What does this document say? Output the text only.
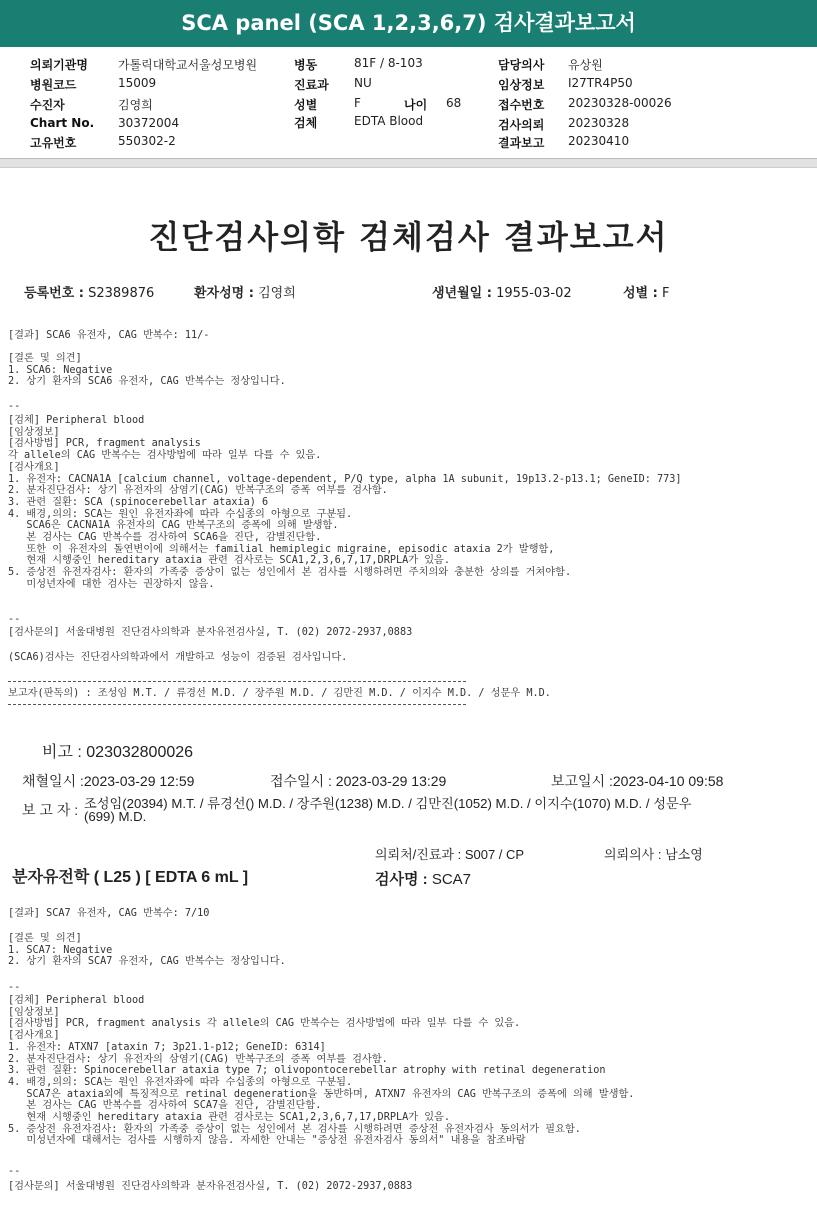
SCA panel (SCA 1,2,3,6,7) 검사결과보고서
의뢰기관명	가톨릭대학교서울성모병원
병원코드	15009
수진자	김영희
Chart No. 30372004
고유번호	550302-2
병동	81F / 8-103
진료과 NU
성별	F	나이 68
검체	EDTA Blood
담당의사 유상원
임상정보 I27TR4P50
접수번호 20230328-00026
검사의뢰 20230328
결과보고 20230410
진단검사의학 검체검사 결과보고서
등록번호 : S2389876	환자성명 : 김영희	생년월일 : 1955-03-02	성별 : F
[결과] SCA6 유전자, CAG 반복수: 11/-
[결론 및 의견]
1. SCA6: Negative
2. 상기 환자의 SCA6 유전자, CAG 반복수는 정상입니다.
--
[검체] Peripheral blood
[임상정보]
[검사방법] PCR, fragment analysis
각 allele의 CAG 반복수는 검사방법에 따라 일부 다를 수 있음.
[검사개요]
1. 유전자: CACNA1A [calcium channel, voltage-dependent, P/Q type, alpha 1A subunit, 19p13.2-p13.1; GeneID: 773]
2. 분자진단검사: 상기 유전자의 삼염기(CAG) 반복구조의 증폭 여부를 검사함.
3. 관련 질환: SCA (spinocerebellar ataxia) 6
4. 배경,의의: SCA는 원인 유전자좌에 따라 수십종의 아형으로 구분됨.
SCA6은 CACNA1A 유전자의 CAG 반복구조의 증폭에 의해 발생함.
본 검사는 CAG 반복수를 검사하여 SCA6을 진단, 감별진단함.
또한 이 유전자의 돌연변이에 의해서는 familial hemiplegic migraine, episodic ataxia 2가 발행함,
현재 시행중인 hereditary ataxia 관련 검사로는 SCA1,2,3,6,7,17,DRPLA가 있음.
5. 증상전 유전자검사: 환자의 가족중 증상이 없는 성인에서 본 검사를 시행하려면 주치의와 충분한 상의를 거쳐야함.
미성년자에 대한 검사는 권장하지 않음.
--
[검사문의] 서울대병원 진단검사의학과 분자유전검사실, T. (02) 2072-2937,0883
(SCA6)검사는 진단검사의학과에서 개발하고 성능이 검증된 검사입니다.
보고자(판독의) : 조성임 M.T. / 류경선 M.D. / 장주원 M.D. / 김만진 M.D. / 이지수 M.D. / 성문우 M.D.
비고 : 023032800026
채혈일시 :2023-03-29 12:59	접수일시 : 2023-03-29 13:29	보고일시 :2023-04-10 09:58
보 고 자 : 조성임(20394) M.T. / 류경선() M.D. / 장주원(1238) M.D. / 김만진(1052) M.D. / 이지수(1070) M.D. / 성문우
(699) M.D.
의뢰처/진료과 : S007 / CP	의뢰의사 : 남소영
분자유전학 ( L25 ) [ EDTA 6 mL ]	검사명 : SCA7
[결과] SCA7 유전자, CAG 반복수: 7/10
[결론 및 의견]
1. SCA7: Negative
2. 상기 환자의 SCA7 유전자, CAG 반복수는 정상입니다.
--
[검체] Peripheral blood
[임상정보]
[검사방법] PCR, fragment analysis 각 allele의 CAG 반복수는 검사방법에 따라 일부 다를 수 있음.
[검사개요]
1. 유전자: ATXN7 [ataxin 7; 3p21.1-p12; GeneID: 6314]
2. 분자진단검사: 상기 유전자의 삼염기(CAG) 반복구조의 증폭 여부를 검사함.
3. 관련 질환: Spinocerebellar ataxia type 7; olivopontocerebellar atrophy with retinal degeneration
4. 배경,의의: SCA는 원인 유전자좌에 따라 수십종의 아형으로 구분됨.
SCA7은 ataxia외에 특징적으로 retinal degeneration을 동반하며, ATXN7 유전자의 CAG 반복구조의 증폭에 의해 발생함.
본 검사는 CAG 반복수를 검사하여 SCA7을 진단, 감별진단함.
현재 시행중인 hereditary ataxia 관련 검사로는 SCA1,2,3,6,7,17,DRPLA가 있음.
5. 증상전 유전자검사: 환자의 가족중 증상이 없는 성인에서 본 검사를 시행하려면 증상전 유전자검사 동의서가 필요함.
미성년자에 대해서는 검사를 시행하지 않음. 자세한 안내는 "증상전 유전자검사 동의서" 내용을 참조바람
--
[검사문의] 서울대병원 진단검사의학과 분자유전검사실, T. (02) 2072-2937,0883
